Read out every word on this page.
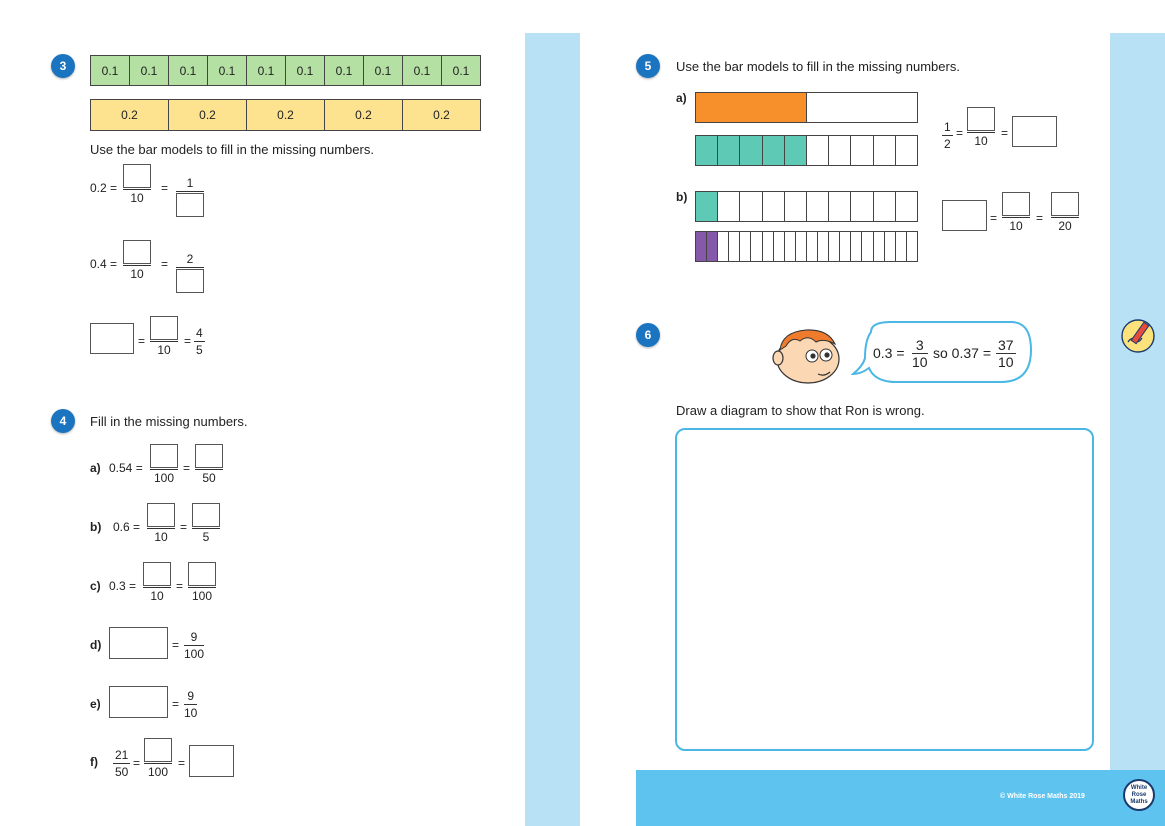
© White Rose Maths 2019
White Rose Maths
3	0.1	0.1	0.1	0.1	0.1	0.1	0.1	0.1	0.1	0.1
0.2	0.2	0.2	0.2	0.2
Use the bar models to fill in the missing numbers.
0.2 =
10
= 1
0.4 =
10
= 2
=
10
=
4
5
4	Fill in the missing numbers.
a) 0.54 =
100
=
50
b) 0.6 =
10
=
5
c) 0.3 =
10
=
100
d)	=
9
100
e)	=
9
10
f) 21
50
=
100
=
5	Use the bar models to fill in the missing numbers.
a)
1
2
=
10
=
b)
=
10
=
20
6
0.3 = 3
10
so 0.37 = 37
10
Draw a diagram to show that Ron is wrong.
